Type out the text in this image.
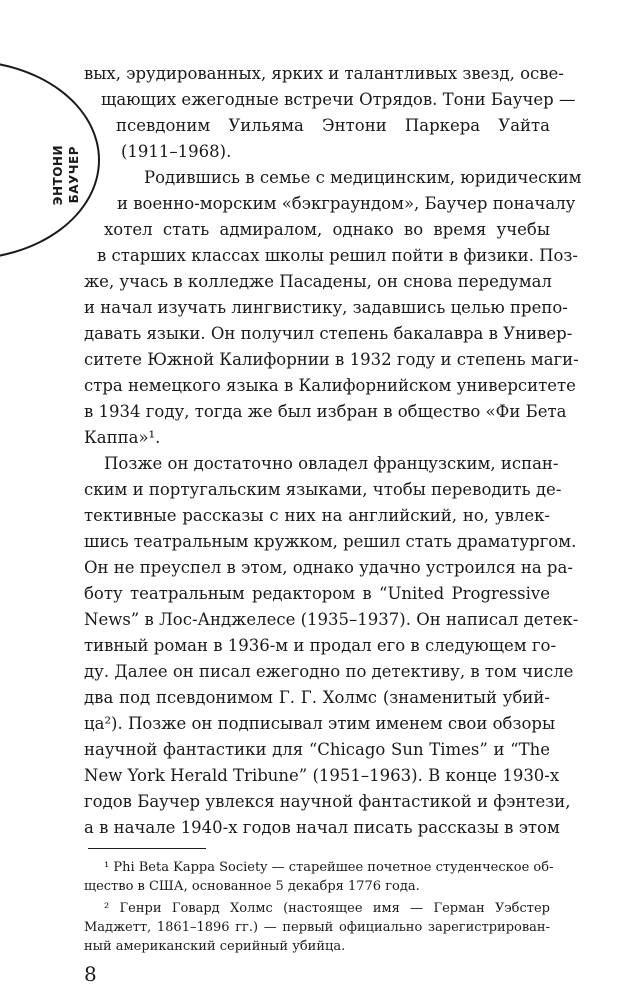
ЭНТОНИ БАУЧЕР
вых, эрудированных, ярких и талантливых звезд, осве-
щающих ежегодные встречи Отрядов. Тони Баучер —
псевдоним Уильяма Энтони Паркера Уайта
(1911–1968).
Родившись в семье с медицинским, юридическим
и военно-морским «бэкграундом», Баучер поначалу
хотел стать адмиралом, однако во время учебы
в старших классах школы решил пойти в физики. Поз-
же, учась в колледже Пасадены, он снова передумал
и начал изучать лингвистику, задавшись целью препо-
давать языки. Он получил степень бакалавра в Универ-
ситете Южной Калифорнии в 1932 году и степень маги-
стра немецкого языка в Калифорнийском университете
в 1934 году, тогда же был избран в общество «Фи Бета
Каппа»¹.
Позже он достаточно овладел французским, испан-
ским и португальским языками, чтобы переводить де-
тективные рассказы с них на английский, но, увлек-
шись театральным кружком, решил стать драматургом.
Он не преуспел в этом, однако удачно устроился на ра-
боту театральным редактором в “United Progressive
News” в Лос-Анджелесе (1935–1937). Он написал детек-
тивный роман в 1936-м и продал его в следующем го-
ду. Далее он писал ежегодно по детективу, в том числе
два под псевдонимом Г. Г. Холмс (знаменитый убий-
ца²). Позже он подписывал этим именем свои обзоры
научной фантастики для “Chicago Sun Times” и “The
New York Herald Tribune” (1951–1963). В конце 1930-х
годов Баучер увлекся научной фантастикой и фэнтези,
а в начале 1940-х годов начал писать рассказы в этом
¹ Phi Beta Kappa Society — старейшее почетное студенческое об-
щество в США, основанное 5 декабря 1776 года.
² Генри Говард Холмс (настоящее имя — Герман Уэбстер
Маджетт, 1861–1896 гг.) — первый официально зарегистрирован-
ный американский серийный убийца.
8
